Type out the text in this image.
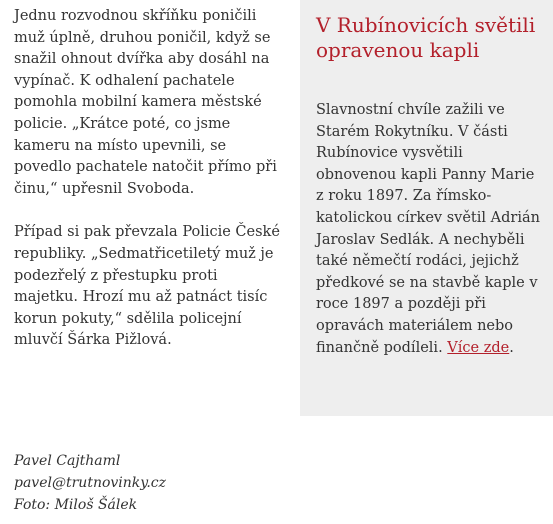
Jednu rozvodnou skříňku poničili muž úplně, druhou poničil, když se snažil ohnout dvířka aby dosáhl na vypínač. K odhalení pachatele pomohla mobilní kamera městské policie. „Krátce poté, co jsme kameru na místo upevnili, se povedlo pachatele natočit přímo při činu,“ upřesnil Svoboda.

Případ si pak převzala Policie České republiky. „Sedmatřicetiletý muž je podezřelý z přestupku proti majetku. Hrozí mu až patnáct tisíc korun pokuty,“ sdělila policejní mluvčí Šárka Pižlová.

Pavel Cajthaml
pavel@trutnovinky.cz
Foto: Miloš Šálek
V Rubínovicích světili opravenou kapli

Slavnostní chvíle zažili ve Starém Rokytníku. V části Rubínovice vysvětili obnovenou kapli Panny Marie z roku 1897. Za římsko-katolickou církev světil Adrián Jaroslav Sedlák. A nechyběli také němečtí rodáci, jejichž předkové se na stavbě kaple v roce 1897 a později při opravách materiálem nebo finančně podíleli. Více zde.
